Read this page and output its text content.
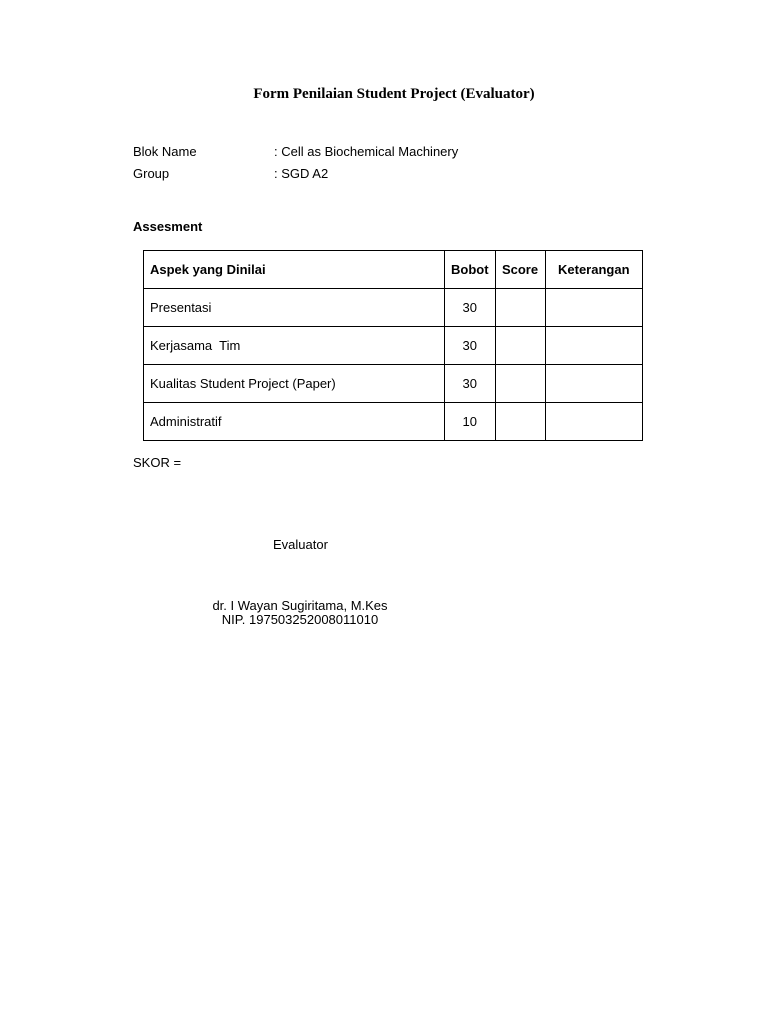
Form Penilaian Student Project (Evaluator)
Blok Name	: Cell as Biochemical Machinery
Group	: SGD A2
Assesment
Aspek yang Dinilai	Bobot	Score	Keterangan
Presentasi	30		
Kerjasama  Tim	30		
Kualitas Student Project (Paper)	30		
Administratif	10		
SKOR =
Evaluator
dr. I Wayan Sugiritama, M.Kes
NIP. 197503252008011010
